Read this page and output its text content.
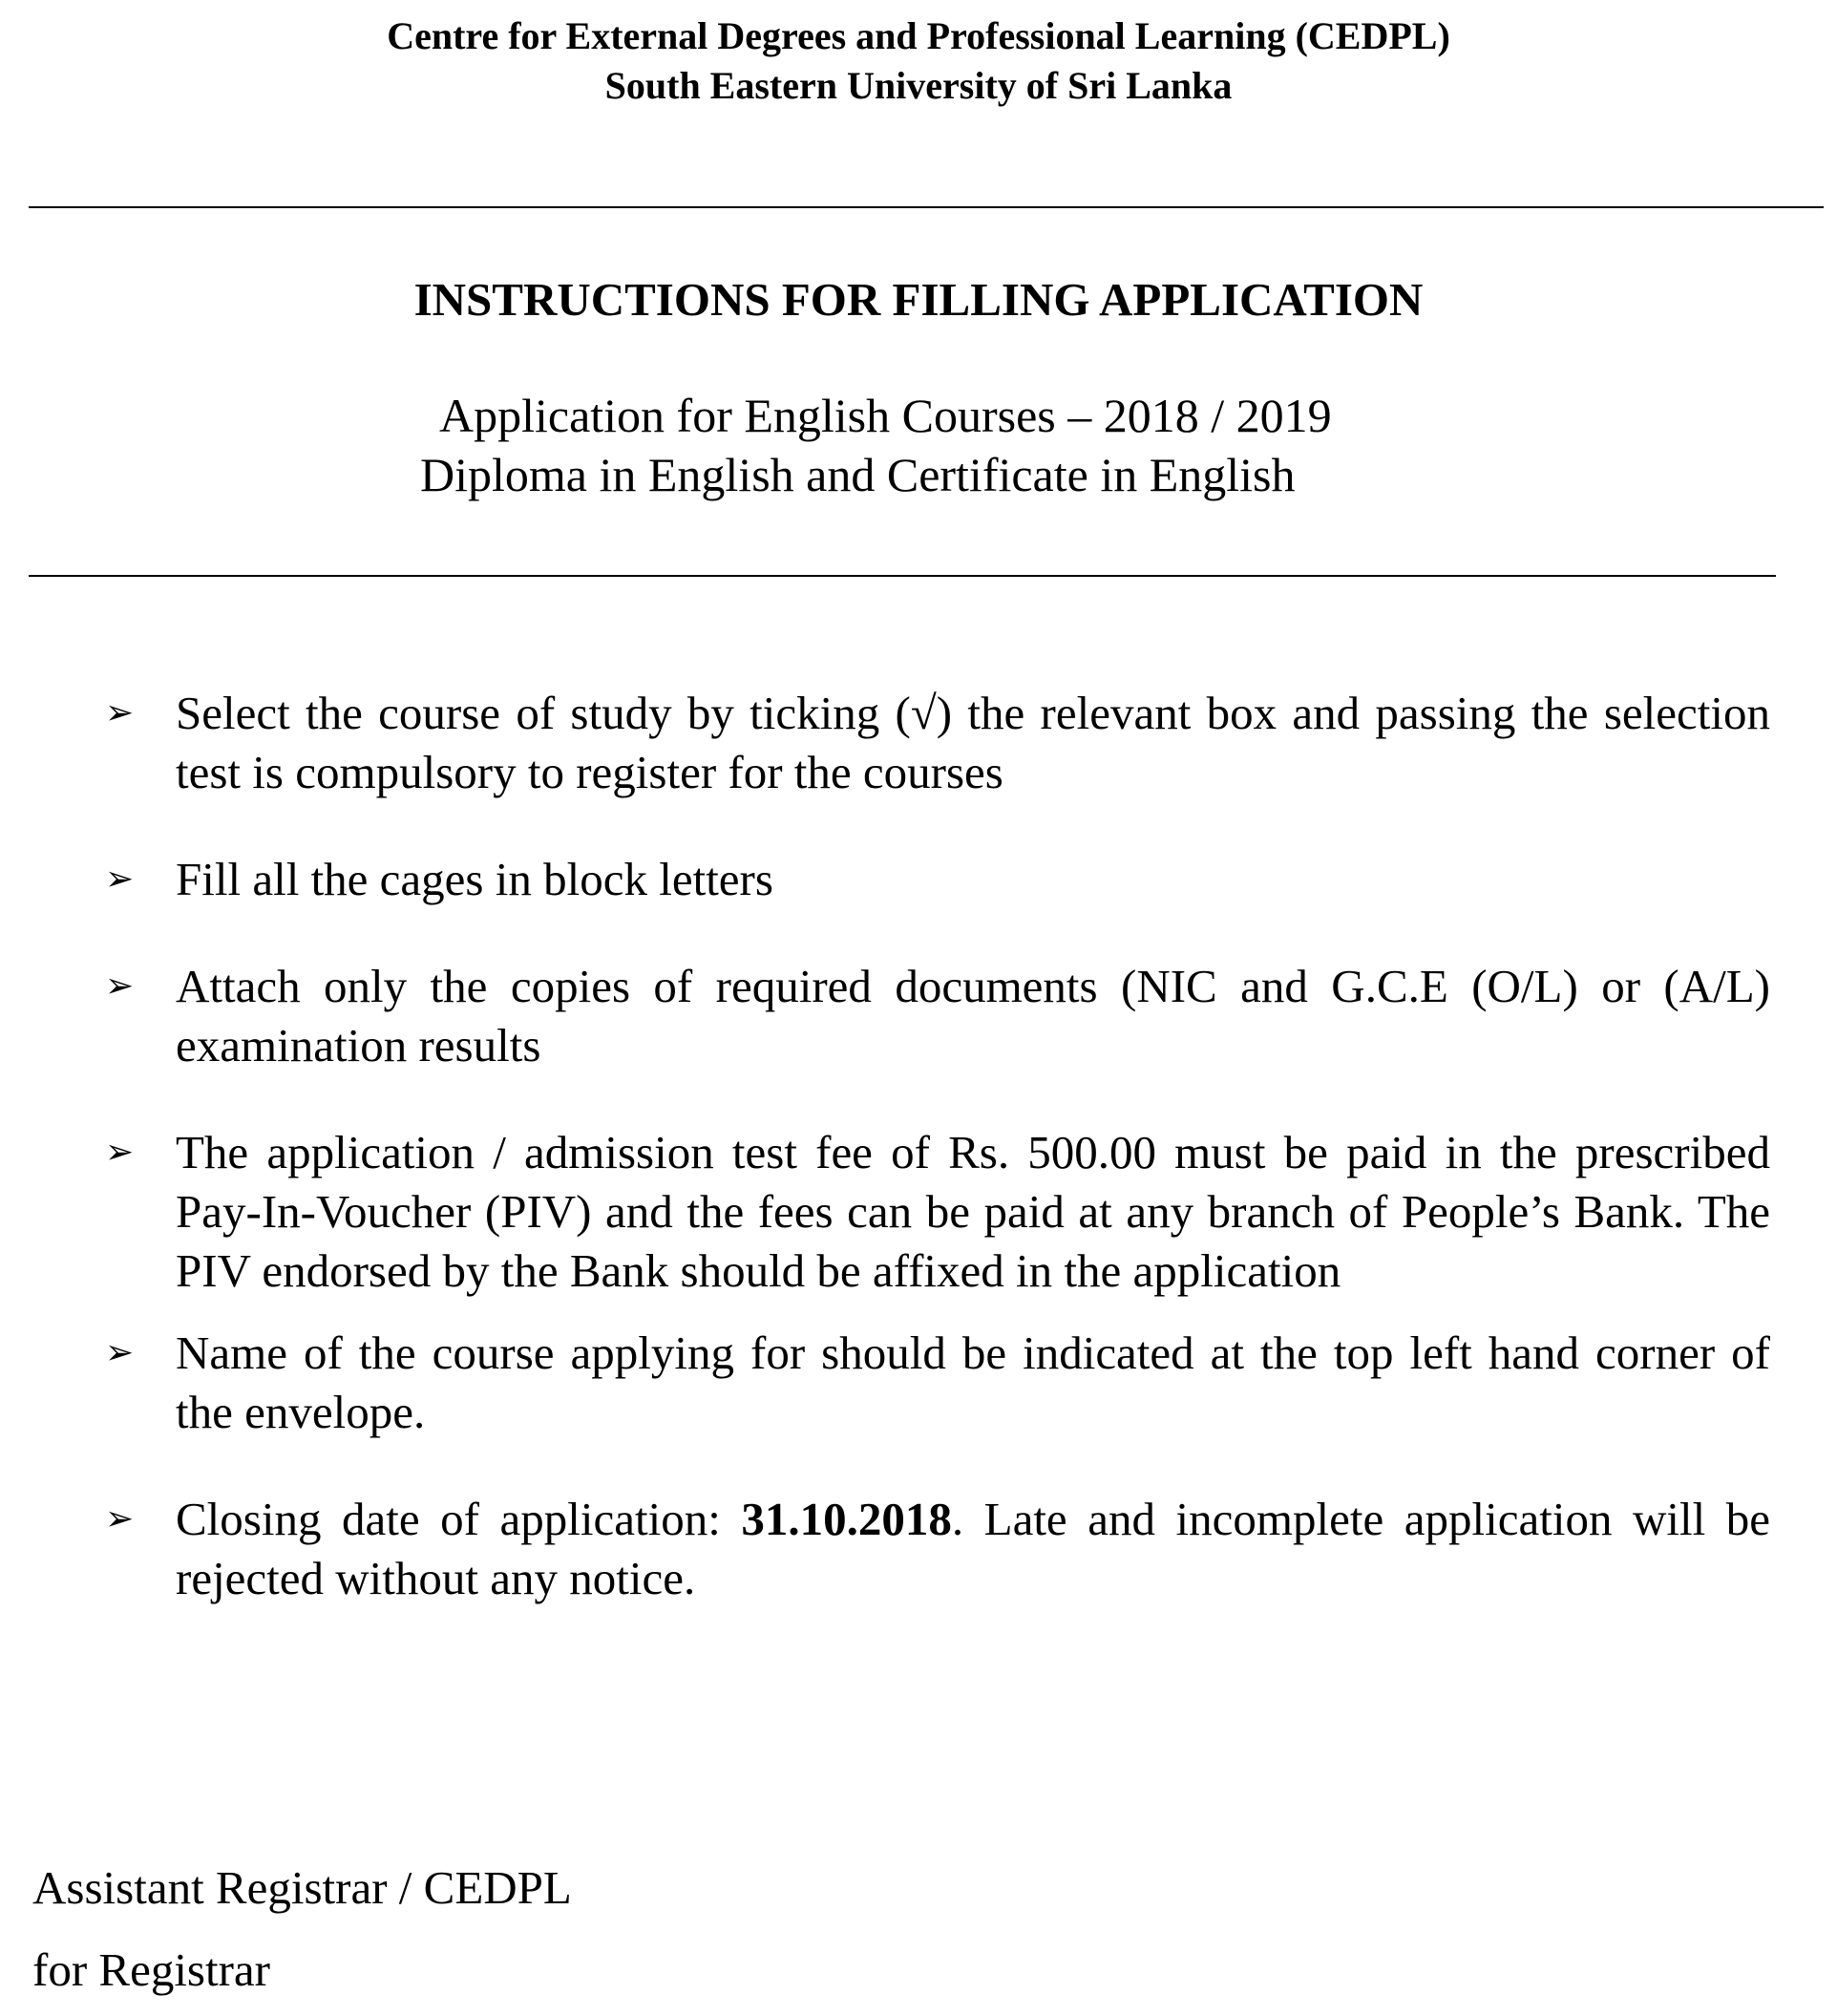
Centre for External Degrees and Professional Learning (CEDPL)
South Eastern University of Sri Lanka
INSTRUCTIONS FOR FILLING APPLICATION
Application for English Courses – 2018 / 2019
Diploma in English and Certificate in English
➢ Select the course of study by ticking (√) the relevant box and passing the selection test is compulsory to register for the courses
➢ Fill all the cages in block letters
➢ Attach only the copies of required documents (NIC and G.C.E (O/L) or (A/L) examination results
➢ The application / admission test fee of Rs. 500.00 must be paid in the prescribed Pay-In-Voucher (PIV) and the fees can be paid at any branch of People’s Bank. The PIV endorsed by the Bank should be affixed in the application
➢ Name of the course applying for should be indicated at the top left hand corner of the envelope.
➢ Closing date of application: 31.10.2018. Late and incomplete application will be rejected without any notice.
Assistant Registrar / CEDPL
for Registrar
